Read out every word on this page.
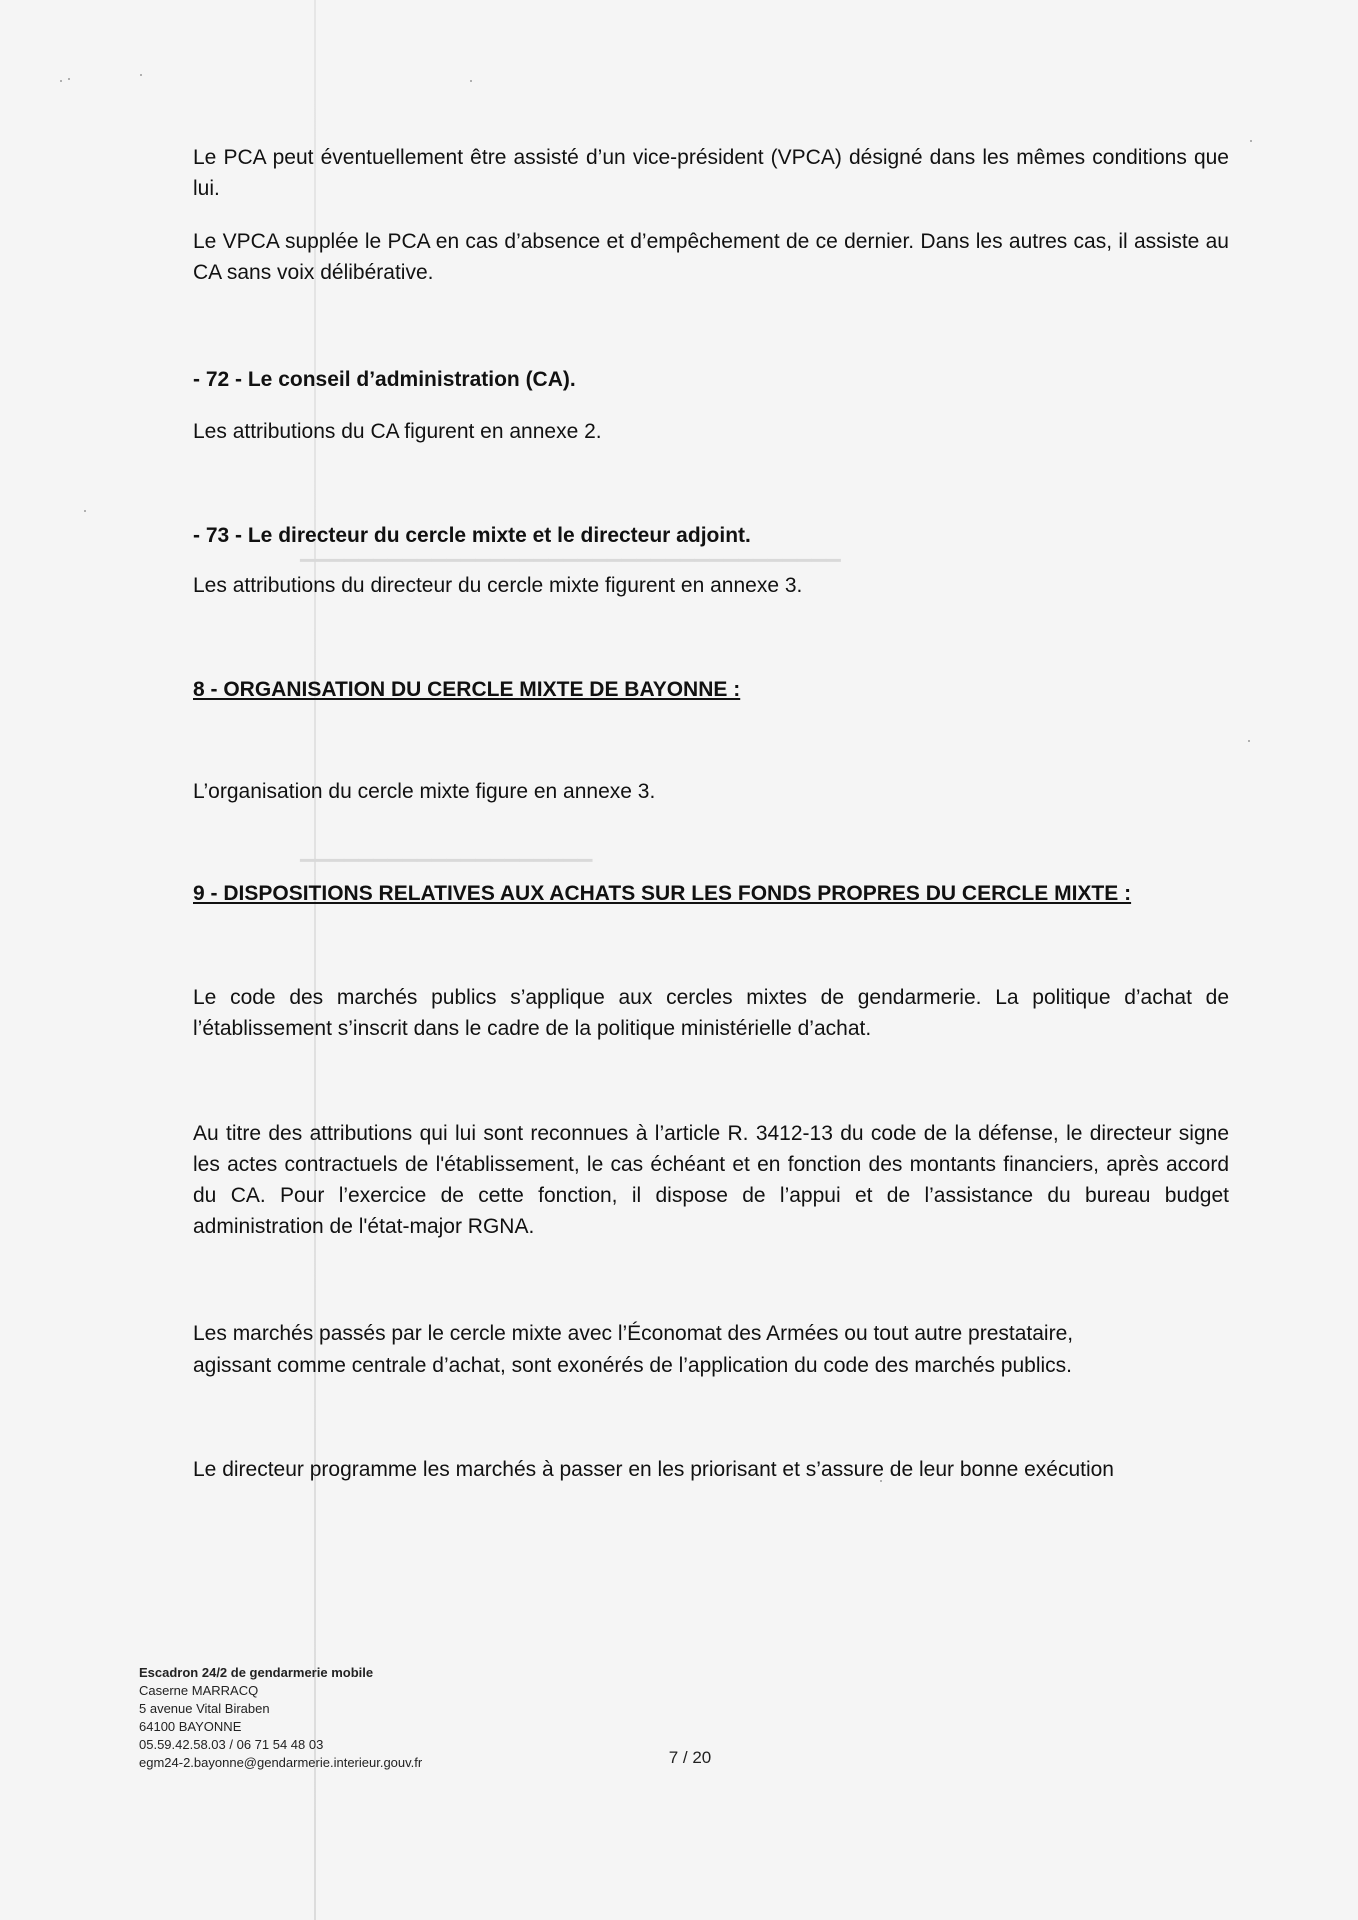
▁▁▁▁▁▁▁▁▁▁▁▁▁▁▁▁▁▁▁▁▁▁▁▁▁▁▁▁▁▁▁▁▁▁▁▁▁
▁▁▁▁▁▁▁▁▁▁▁▁▁▁▁▁▁▁▁▁

Le PCA peut éventuellement être assisté d’un vice-président (VPCA) désigné dans les mêmes conditions que lui.

Le VPCA supplée le PCA en cas d’absence et d’empêchement de ce dernier. Dans les autres cas, il assiste au CA sans voix délibérative.

- 72 - Le conseil d’administration (CA).

Les attributions du CA figurent en annexe 2.

- 73 - Le directeur du cercle mixte et le directeur adjoint.

Les attributions du directeur du cercle mixte figurent en annexe 3.

8 - ORGANISATION DU CERCLE MIXTE DE BAYONNE :

L’organisation du cercle mixte figure en annexe 3.

9 - DISPOSITIONS RELATIVES AUX ACHATS SUR LES FONDS PROPRES DU CERCLE MIXTE :

Le code des marchés publics s’applique aux cercles mixtes de gendarmerie. La politique d’achat de l’établissement s’inscrit dans le cadre de la politique ministérielle d’achat.

Au titre des attributions qui lui sont reconnues à l’article R. 3412-13 du code de la défense, le directeur signe les actes contractuels de l'établissement, le cas échéant et en fonction des montants financiers, après accord du CA. Pour l’exercice de cette fonction, il dispose de l’appui et de l’assistance du bureau budget administration de l'état-major RGNA.

Les marchés passés par le cercle mixte avec l’Économat des Armées ou tout autre prestataire,

agissant comme centrale d’achat, sont exonérés de l’application du code des marchés publics.

Le directeur programme les marchés à passer en les priorisant et s’assure de leur bonne exécution

Escadron 24/2 de gendarmerie mobile
Caserne MARRACQ
5 avenue Vital Biraben
64100 BAYONNE
05.59.42.58.03 / 06 71 54 48 03
egm24-2.bayonne@gendarmerie.interieur.gouv.fr	7 / 20
